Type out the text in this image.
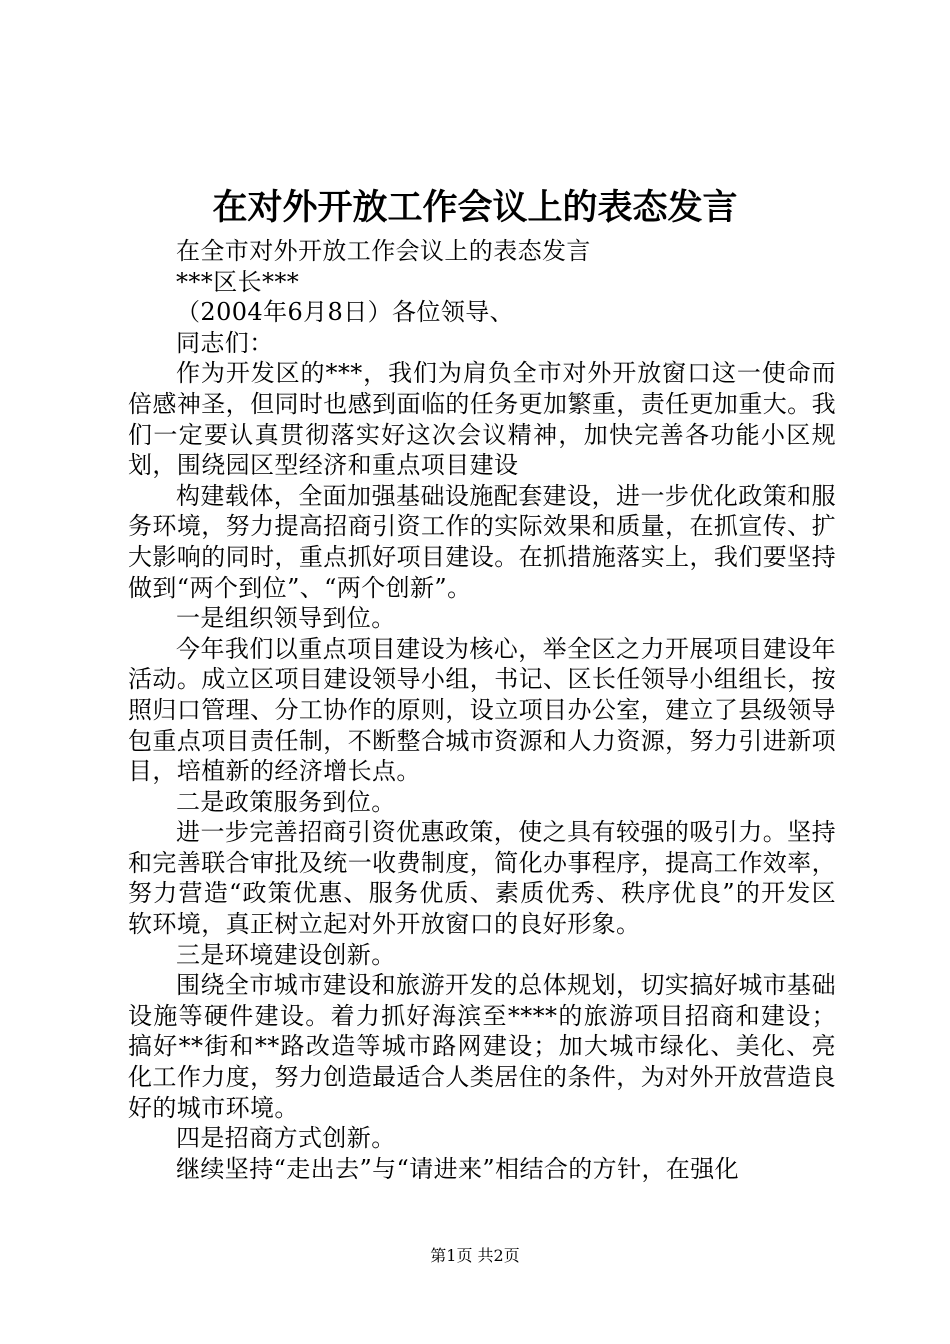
在对外开放工作会议上的表态发言

在全市对外开放工作会议上的表态发言

***区长***

（2004年6月8日）各位领导、

同志们：

作为开发区的***，我们为肩负全市对外开放窗口这一使命而倍感神圣，但同时也感到面临的任务更加繁重，责任更加重大。我们一定要认真贯彻落实好这次会议精神，加快完善各功能小区规划，围绕园区型经济和重点项目建设

构建载体，全面加强基础设施配套建设，进一步优化政策和服务环境，努力提高招商引资工作的实际效果和质量，在抓宣传、扩大影响的同时，重点抓好项目建设。在抓措施落实上，我们要坚持做到“两个到位”、“两个创新”。

一是组织领导到位。

今年我们以重点项目建设为核心，举全区之力开展项目建设年活动。成立区项目建设领导小组，书记、区长任领导小组组长，按照归口管理、分工协作的原则，设立项目办公室，建立了县级领导包重点项目责任制，不断整合城市资源和人力资源，努力引进新项目，培植新的经济增长点。

二是政策服务到位。

进一步完善招商引资优惠政策，使之具有较强的吸引力。坚持和完善联合审批及统一收费制度，简化办事程序，提高工作效率，努力营造“政策优惠、服务优质、素质优秀、秩序优良”的开发区软环境，真正树立起对外开放窗口的良好形象。

三是环境建设创新。

围绕全市城市建设和旅游开发的总体规划，切实搞好城市基础设施等硬件建设。着力抓好海滨至****的旅游项目招商和建设；搞好**街和**路改造等城市路网建设；加大城市绿化、美化、亮化工作力度，努力创造最适合人类居住的条件，为对外开放营造良好的城市环境。

四是招商方式创新。

继续坚持“走出去”与“请进来”相结合的方针，在强化

第1页 共2页
